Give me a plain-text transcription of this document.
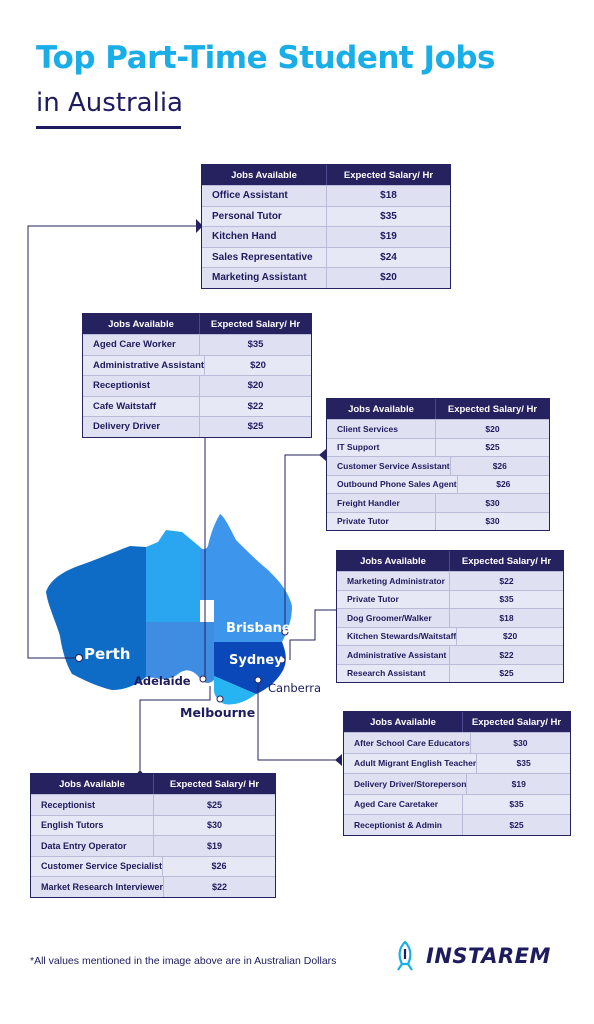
Top Part-Time Student Jobs
in Australia
Perth
Brisbane
Sydney
Adelaide	Canberra
Melbourne
Jobs Available	Expected Salary/ Hr
Office Assistant	$18
Personal Tutor	$35
Kitchen Hand	$19
Sales Representative	$24
Marketing Assistant	$20
Jobs Available	Expected Salary/ Hr
Aged Care Worker	$35
Administrative Assistant	$20
Receptionist	$20
Cafe Waitstaff	$22
Delivery Driver	$25
Jobs Available	Expected Salary/ Hr
Client Services	$20
IT Support	$25
Customer Service Assistant	$26
Outbound Phone Sales Agent	$26
Freight Handler	$30
Private Tutor	$30
Jobs Available	Expected Salary/ Hr
Marketing Administrator	$22
Private Tutor	$35
Dog Groomer/Walker	$18
Kitchen Stewards/Waitstaff	$20
Administrative Assistant	$22
Research Assistant	$25
Jobs Available	Expected Salary/ Hr
After School Care Educators	$30
Adult Migrant English Teacher	$35
Delivery Driver/Storeperson	$19
Aged Care Caretaker	$35
Receptionist & Admin	$25
Jobs Available	Expected Salary/ Hr
Receptionist	$25
English Tutors	$30
Data Entry Operator	$19
Customer Service Specialist	$26
Market Research Interviewer	$22
*All values mentioned in the image above are in Australian Dollars	INSTAREM
